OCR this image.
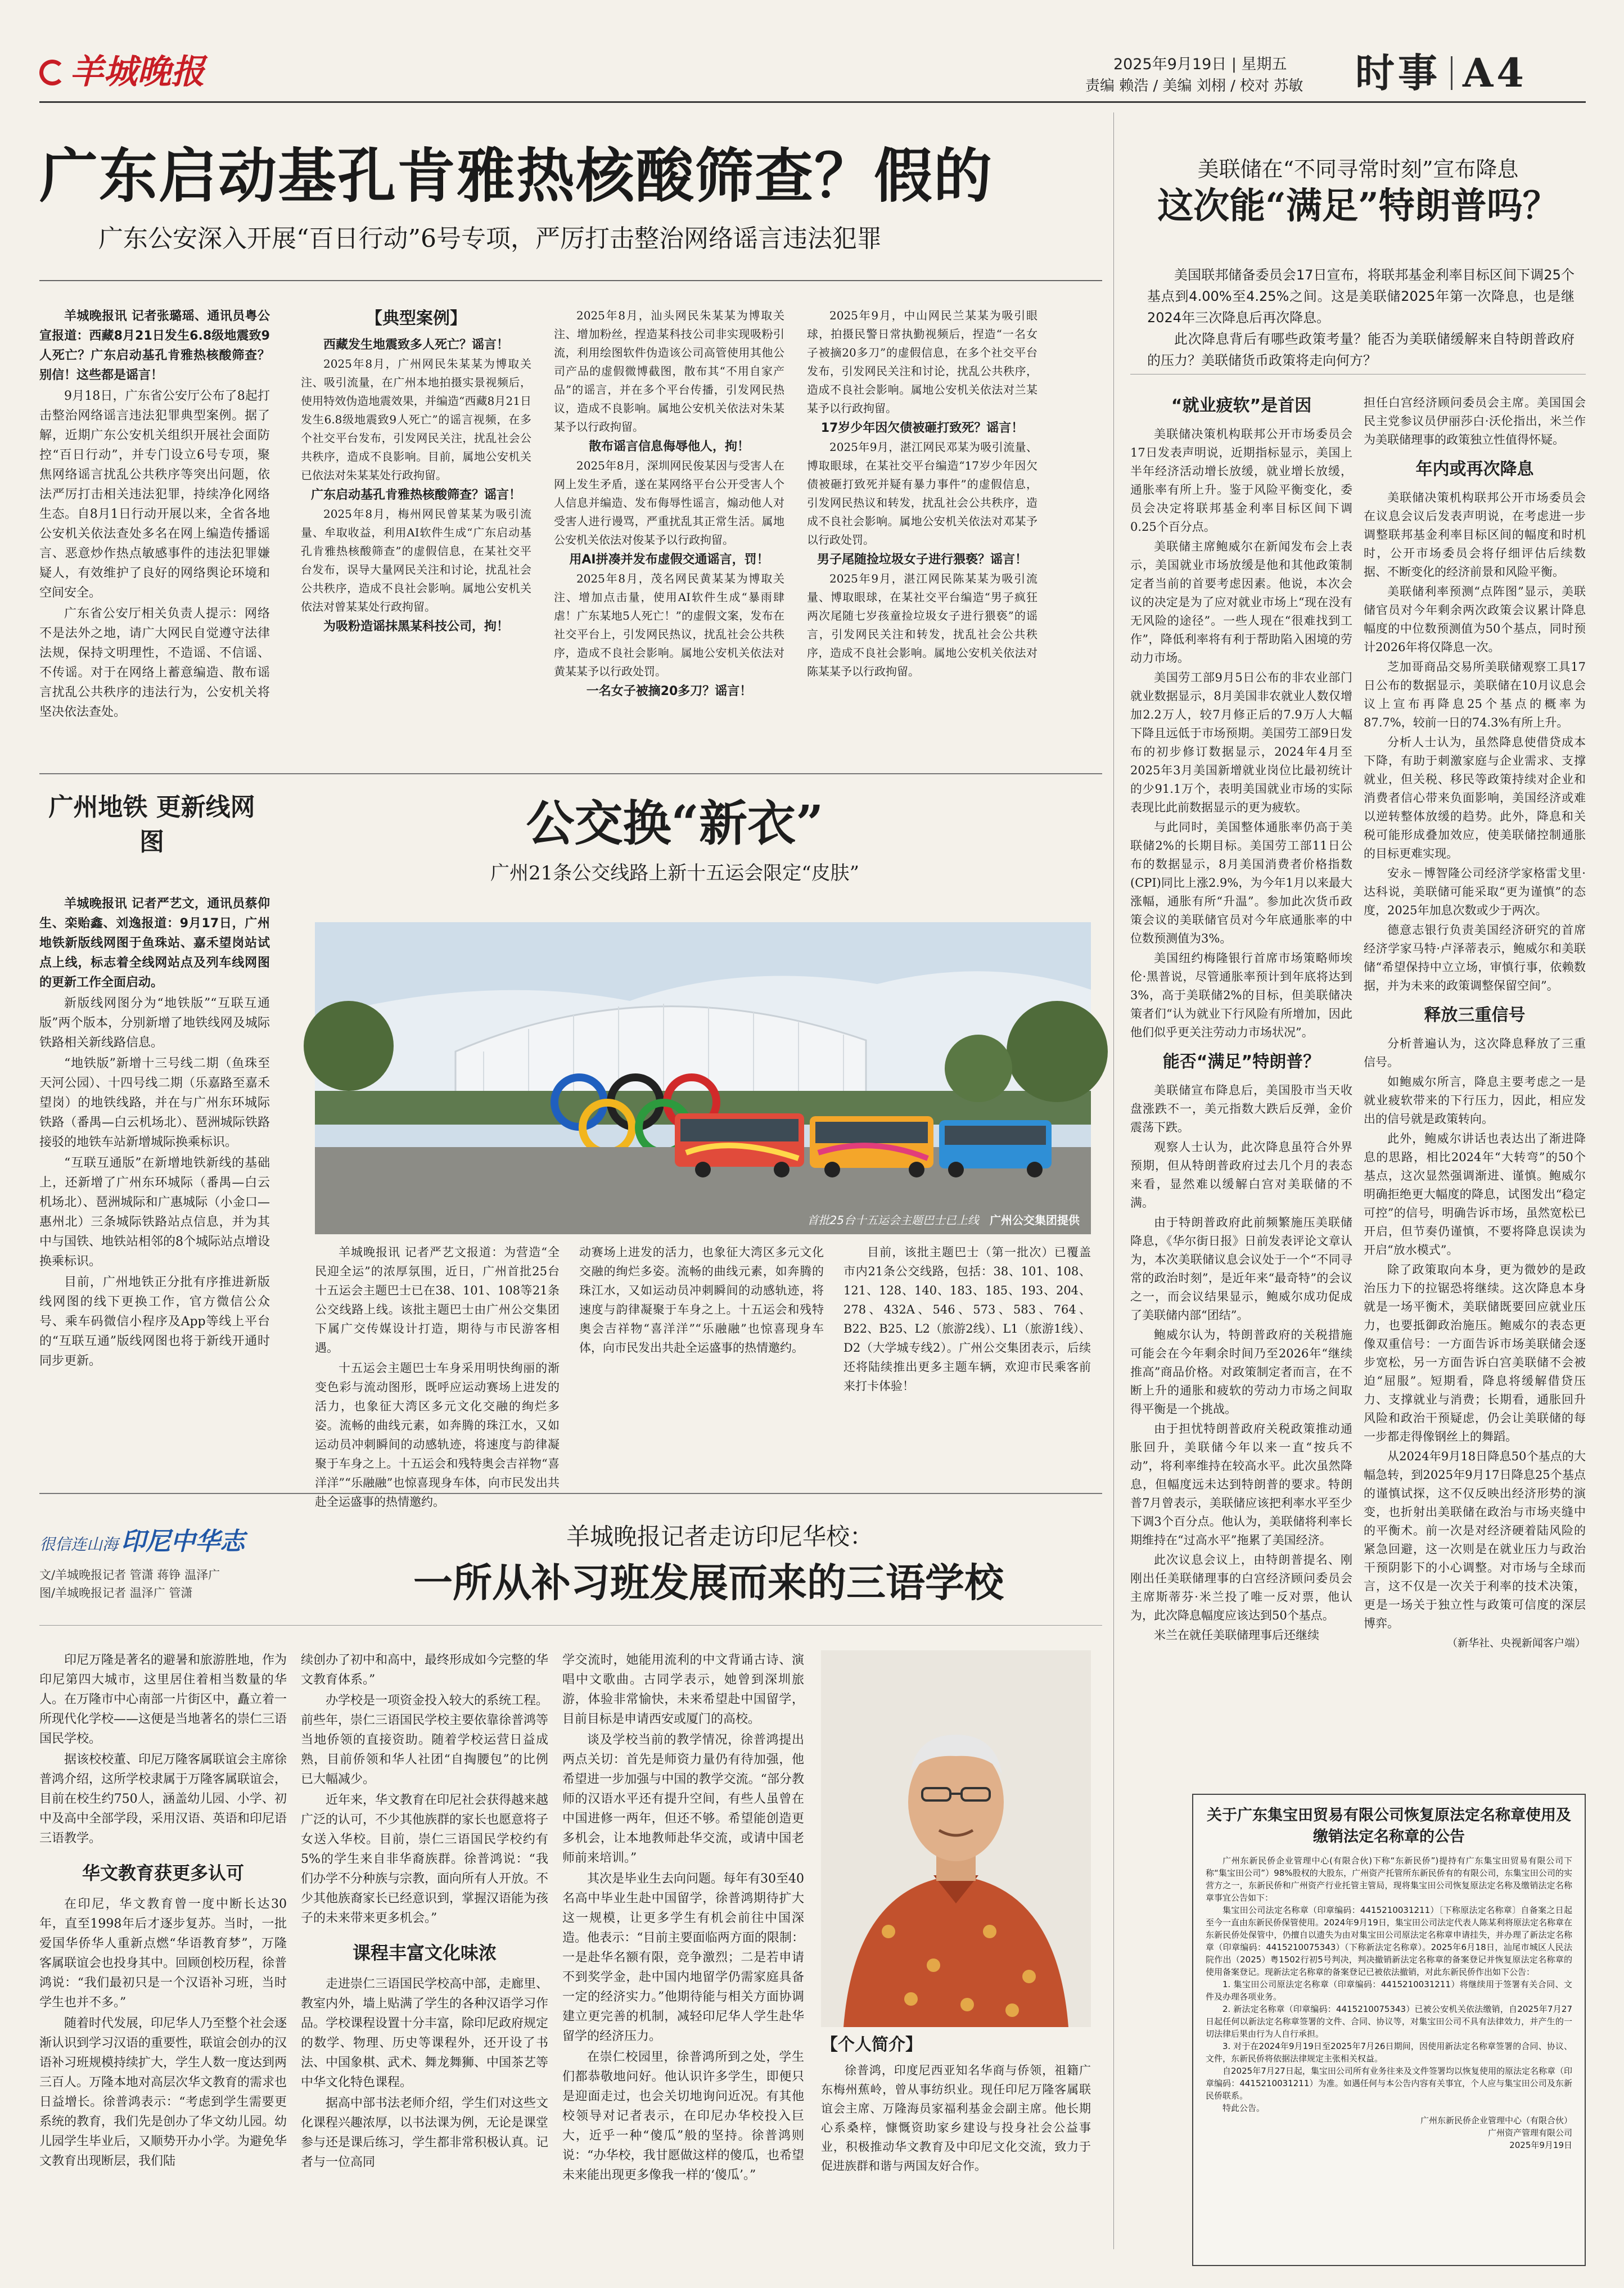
羊城晚报	2025年9月19日 | 星期五
责编 赖浩 / 美编 刘栩 / 校对 苏敏 时事 A4
广东启动基孔肯雅热核酸筛查？假的
广东公安深入开展“百日行动”6号专项，严厉打击整治网络谣言违法犯罪

羊城晚报讯 记者张璐瑶、通讯员粤公宣报道：西藏8月21日发生6.8级地震致9人死亡？广东启动基孔肯雅热核酸筛查？别信！这些都是谣言！

9月18日，广东省公安厅公布了8起打击整治网络谣言违法犯罪典型案例。据了解，近期广东公安机关组织开展社会面防控“百日行动”，并专门设立6号专项，聚焦网络谣言扰乱公共秩序等突出问题，依法严厉打击相关违法犯罪，持续净化网络生态。自8月1日行动开展以来，全省各地公安机关依法查处多名在网上编造传播谣言、恶意炒作热点敏感事件的违法犯罪嫌疑人，有效维护了良好的网络舆论环境和空间安全。

广东省公安厅相关负责人提示：网络不是法外之地，请广大网民自觉遵守法律法规，保持文明理性，不造谣、不信谣、不传谣。对于在网络上蓄意编造、散布谣言扰乱公共秩序的违法行为，公安机关将坚决依法查处。

【典型案例】
西藏发生地震致多人死亡？谣言！

2025年8月，广州网民朱某某为博取关注、吸引流量，在广州本地拍摄实景视频后，使用特效伪造地震效果，并编造“西藏8月21日发生6.8级地震致9人死亡”的谣言视频，在多个社交平台发布，引发网民关注，扰乱社会公共秩序，造成不良影响。目前，属地公安机关已依法对朱某某处行政拘留。

广东启动基孔肯雅热核酸筛查？谣言！

2025年8月，梅州网民曾某某为吸引流量、牟取收益，利用AI软件生成“广东启动基孔肯雅热核酸筛查”的虚假信息，在某社交平台发布，误导大量网民关注和讨论，扰乱社会公共秩序，造成不良社会影响。属地公安机关依法对曾某某处行政拘留。

为吸粉造谣抹黑某科技公司，拘！

2025年8月，汕头网民朱某某为博取关注、增加粉丝，捏造某科技公司非实现吸粉引流，利用绘图软件伪造该公司高管使用其他公司产品的虚假微博截图，散布其“不用自家产品”的谣言，并在多个平台传播，引发网民热议，造成不良影响。属地公安机关依法对朱某某予以行政拘留。

散布谣言信息侮辱他人，拘！

2025年8月，深圳网民俊某因与受害人在网上发生矛盾，遂在某网络平台公开受害人个人信息并编造、发布侮辱性谣言，煽动他人对受害人进行谩骂，严重扰乱其正常生活。属地公安机关依法对俊某予以行政拘留。

用AI拼凑并发布虚假交通谣言，罚！

2025年8月，茂名网民黄某某为博取关注、增加点击量，使用AI软件生成“暴雨肆虐！广东某地5人死亡！”的虚假文案，发布在社交平台上，引发网民热议，扰乱社会公共秩序，造成不良社会影响。属地公安机关依法对黄某某予以行政处罚。

一名女子被摘20多刀？谣言！

2025年9月，中山网民兰某某为吸引眼球，拍摄民警日常执勤视频后，捏造“一名女子被摘20多刀”的虚假信息，在多个社交平台发布，引发网民关注和讨论，扰乱公共秩序，造成不良社会影响。属地公安机关依法对兰某某予以行政拘留。

17岁少年因欠债被砸打致死？谣言！

2025年9月，湛江网民邓某为吸引流量、博取眼球，在某社交平台编造“17岁少年因欠债被砸打致死并疑有暴力事件”的虚假信息，引发网民热议和转发，扰乱社会公共秩序，造成不良社会影响。属地公安机关依法对邓某予以行政处罚。

男子尾随捡垃圾女子进行猥亵？谣言！

2025年9月，湛江网民陈某某为吸引流量、博取眼球，在某社交平台编造“男子疯狂两次尾随七岁孩童捡垃圾女子进行猥亵”的谣言，引发网民关注和转发，扰乱社会公共秩序，造成不良社会影响。属地公安机关依法对陈某某予以行政拘留。

广州地铁 更新线网图

羊城晚报讯 记者严艺文，通讯员蔡仰生、栾贻鑫、刘逸报道：9月17日，广州地铁新版线网图于鱼珠站、嘉禾望岗站试点上线，标志着全线网站点及列车线网图的更新工作全面启动。

新版线网图分为“地铁版”“互联互通版”两个版本，分别新增了地铁线网及城际铁路相关新线路信息。

“地铁版”新增十三号线二期（鱼珠至天河公园）、十四号线二期（乐嘉路至嘉禾望岗）的地铁线路，并在与广州东环城际铁路（番禺—白云机场北）、琶洲城际铁路接驳的地铁车站新增城际换乘标识。

“互联互通版”在新增地铁新线的基础上，还新增了广州东环城际（番禺—白云机场北）、琶洲城际和广惠城际（小金口—惠州北）三条城际铁路站点信息，并为其中与国铁、地铁站相邻的8个城际站点增设换乘标识。

目前，广州地铁正分批有序推进新版线网图的线下更换工作，官方微信公众号、乘车码微信小程序及App等线上平台的“互联互通”版线网图也将于新线开通时同步更新。

公交换“新衣”
广州21条公交线路上新十五运会限定“皮肤”
首批25台十五运会主题巴士已上线 广州公交集团提供

羊城晚报讯 记者严艺文报道：为营造“全民迎全运”的浓厚氛围，近日，广州首批25台十五运会主题巴士已在38、101、108等21条公交线路上线。该批主题巴士由广州公交集团下属广交传媒设计打造，期待与市民游客相遇。

十五运会主题巴士车身采用明快绚丽的渐变色彩与流动图形，既呼应运动赛场上进发的活力，也象征大湾区多元文化交融的绚烂多姿。流畅的曲线元素，如奔腾的珠江水，又如运动员冲刺瞬间的动感轨迹，将速度与韵律凝聚于车身之上。十五运会和残特奥会吉祥物“喜洋洋”“乐融融”也惊喜现身车体，向市民发出共赴全运盛事的热情邀约。

动赛场上进发的活力，也象征大湾区多元文化交融的绚烂多姿。流畅的曲线元素，如奔腾的珠江水，又如运动员冲刺瞬间的动感轨迹，将速度与韵律凝聚于车身之上。十五运会和残特奥会吉祥物“喜洋洋”“乐融融”也惊喜现身车体，向市民发出共赴全运盛事的热情邀约。

目前，该批主题巴士（第一批次）已覆盖市内21条公交线路，包括：38、101、108、121、128、140、183、185、193、204、278、432A、546、573、583、764、B22、B25、L2（旅游2线）、L1（旅游1线）、D2（大学城专线2）。广州公交集团表示，后续还将陆续推出更多主题车辆，欢迎市民乘客前来打卡体验！

很信连山海 印尼中华志
文/羊城晚报记者 管潇 蒋铮 温泽广
图/羊城晚报记者 温泽广 管潇
羊城晚报记者走访印尼华校：
一所从补习班发展而来的三语学校

印尼万隆是著名的避暑和旅游胜地，作为印尼第四大城市，这里居住着相当数量的华人。在万隆市中心南部一片街区中，矗立着一所现代化学校——这便是当地著名的崇仁三语国民学校。

据该校校董、印尼万隆客属联谊会主席徐普鸿介绍，这所学校隶属于万隆客属联谊会，目前在校生约750人，涵盖幼儿园、小学、初中及高中全部学段，采用汉语、英语和印尼语三语教学。

华文教育获更多认可

在印尼，华文教育曾一度中断长达30年，直至1998年后才逐步复苏。当时，一批爱国华侨华人重新点燃“华语教育梦”，万隆客属联谊会也投身其中。回顾创校历程，徐普鸿说：“我们最初只是一个汉语补习班，当时学生也并不多。”

随着时代发展，印尼华人乃至整个社会逐渐认识到学习汉语的重要性，联谊会创办的汉语补习班规模持续扩大，学生人数一度达到两三百人。万隆本地对高层次华文教育的需求也日益增长。徐普鸿表示：“考虑到学生需要更系统的教育，我们先是创办了华文幼儿园。幼儿园学生毕业后，又顺势开办小学。为避免华文教育出现断层，我们陆

续创办了初中和高中，最终形成如今完整的华文教育体系。”

办学校是一项资金投入较大的系统工程。前些年，崇仁三语国民学校主要依靠徐普鸿等当地侨领的直接资助。随着学校运营日益成熟，目前侨领和华人社团“自掏腰包”的比例已大幅减少。

近年来，华文教育在印尼社会获得越来越广泛的认可，不少其他族群的家长也愿意将子女送入华校。目前，崇仁三语国民学校约有5%的学生来自非华裔族群。徐普鸿说：“我们办学不分种族与宗教，面向所有人开放。不少其他族裔家长已经意识到，掌握汉语能为孩子的未来带来更多机会。”

课程丰富文化味浓

走进崇仁三语国民学校高中部，走廊里、教室内外，墙上贴满了学生的各种汉语学习作品。学校课程设置十分丰富，除印尼政府规定的数学、物理、历史等课程外，还开设了书法、中国象棋、武术、舞龙舞狮、中国茶艺等中华文化特色课程。

据高中部书法老师介绍，学生们对这些文化课程兴趣浓厚，以书法课为例，无论是课堂参与还是课后练习，学生都非常积极认真。记者与一位高同

学交流时，她能用流利的中文背诵古诗、演唱中文歌曲。古同学表示，她曾到深圳旅游，体验非常愉快，未来希望赴中国留学，目前目标是申请西安或厦门的高校。

谈及学校当前的教学情况，徐普鸿提出两点关切：首先是师资力量仍有待加强，他希望进一步加强与中国的教学交流。“部分教师的汉语水平还有提升空间，有些人虽曾在中国进修一两年，但还不够。希望能创造更多机会，让本地教师赴华交流，或请中国老师前来培训。”

其次是毕业生去向问题。每年有30至40名高中毕业生赴中国留学，徐普鸿期待扩大这一规模，让更多学生有机会前往中国深造。他表示：“目前主要面临两方面的限制：一是赴华名额有限，竞争激烈；二是若申请不到奖学金，赴中国内地留学仍需家庭具备一定的经济实力。”他期待能与相关方面协调建立更完善的机制，减轻印尼华人学生赴华留学的经济压力。

在崇仁校园里，徐普鸿所到之处，学生们都恭敬地问好。他认识许多学生，即便只是迎面走过，也会关切地询问近况。有其他校领导对记者表示，在印尼办华校投入巨大，近乎一种“傻瓜”般的坚持。徐普鸿则说：“办华校，我甘愿做这样的傻瓜，也希望未来能出现更多像我一样的‘傻瓜’。”

【个人简介】
徐普鸿，印度尼西亚知名华商与侨领，祖籍广东梅州蕉岭，曾从事纺织业。现任印尼万隆客属联谊会主席、万隆海员家福利基金会副主席。他长期心系桑梓，慷慨资助家乡建设与投身社会公益事业，积极推动华文教育及中印尼文化交流，致力于促进族群和谐与两国友好合作。
美联储在“不同寻常时刻”宣布降息
这次能“满足”特朗普吗？

美国联邦储备委员会17日宣布，将联邦基金利率目标区间下调25个基点到4.00%至4.25%之间。这是美联储2025年第一次降息，也是继2024年三次降息后再次降息。

此次降息背后有哪些政策考量？能否为美联储缓解来自特朗普政府的压力？美联储货币政策将走向何方？

“就业疲软”是首因

美联储决策机构联邦公开市场委员会17日发表声明说，近期指标显示，美国上半年经济活动增长放缓，就业增长放缓，通胀率有所上升。鉴于风险平衡变化，委员会决定将联邦基金利率目标区间下调0.25个百分点。

美联储主席鲍威尔在新闻发布会上表示，美国就业市场放缓是他和其他政策制定者当前的首要考虑因素。他说，本次会议的决定是为了应对就业市场上“现在没有无风险的途径”。一些人现在“很难找到工作”，降低利率将有利于帮助陷入困境的劳动力市场。

美国劳工部9月5日公布的非农业部门就业数据显示，8月美国非农就业人数仅增加2.2万人，较7月修正后的7.9万人大幅下降且远低于市场预期。美国劳工部9日发布的初步修订数据显示，2024年4月至2025年3月美国新增就业岗位比最初统计的少91.1万个，表明美国就业市场的实际表现比此前数据显示的更为疲软。

与此同时，美国整体通胀率仍高于美联储2%的长期目标。美国劳工部11日公布的数据显示，8月美国消费者价格指数(CPI)同比上涨2.9%，为今年1月以来最大涨幅，通胀有所“升温”。参加此次货币政策会议的美联储官员对今年底通胀率的中位数预测值为3%。

美国纽约梅隆银行首席市场策略师埃伦·黑普说，尽管通胀率预计到年底将达到3%，高于美联储2%的目标，但美联储决策者们“认为就业下行风险有所增加，因此他们似乎更关注劳动力市场状况”。

能否“满足”特朗普？

美联储宣布降息后，美国股市当天收盘涨跌不一，美元指数大跌后反弹，金价震荡下跌。

观察人士认为，此次降息虽符合外界预期，但从特朗普政府过去几个月的表态来看，显然难以缓解白宫对美联储的不满。

由于特朗普政府此前频繁施压美联储降息，《华尔街日报》日前发表评论文章认为，本次美联储议息会议处于一个“不同寻常的政治时刻”，是近年来“最奇特”的会议之一，而会议结果显示，鲍威尔成功促成了美联储内部“团结”。

鲍威尔认为，特朗普政府的关税措施可能会在今年剩余时间乃至2026年“继续推高”商品价格。对政策制定者而言，在不断上升的通胀和疲软的劳动力市场之间取得平衡是一个挑战。

由于担忧特朗普政府关税政策推动通胀回升，美联储今年以来一直“按兵不动”，将利率维持在较高水平。此次虽然降息，但幅度远未达到特朗普的要求。特朗普7月曾表示，美联储应该把利率水平至少下调3个百分点。他认为，美联储将利率长期维持在“过高水平”拖累了美国经济。

此次议息会议上，由特朗普提名、刚刚出任美联储理事的白宫经济顾问委员会主席斯蒂芬·米兰投了唯一反对票，他认为，此次降息幅度应该达到50个基点。

米兰在就任美联储理事后还继续

担任白宫经济顾问委员会主席。美国国会民主党参议员伊丽莎白·沃伦指出，米兰作为美联储理事的政策独立性值得怀疑。

年内或再次降息

美联储决策机构联邦公开市场委员会在议息会议后发表声明说，在考虑进一步调整联邦基金利率目标区间的幅度和时机时，公开市场委员会将仔细评估后续数据、不断变化的经济前景和风险平衡。

美联储利率预测“点阵图”显示，美联储官员对今年剩余两次政策会议累计降息幅度的中位数预测值为50个基点，同时预计2026年将仅降息一次。

芝加哥商品交易所美联储观察工具17日公布的数据显示，美联储在10月议息会议上宣布再降息25个基点的概率为87.7%，较前一日的74.3%有所上升。

分析人士认为，虽然降息使借贷成本下降，有助于刺激家庭与企业需求、支撑就业，但关税、移民等政策持续对企业和消费者信心带来负面影响，美国经济或难以逆转整体放缓的趋势。此外，降息和关税可能形成叠加效应，使美联储控制通胀的目标更难实现。

安永－博智隆公司经济学家格雷戈里·达科说，美联储可能采取“更为谨慎”的态度，2025年加息次数或少于两次。

德意志银行负责美国经济研究的首席经济学家马特·卢泽蒂表示，鲍威尔和美联储“希望保持中立立场，审慎行事，依赖数据，并为未来的政策调整保留空间”。

释放三重信号

分析普遍认为，这次降息释放了三重信号。

如鲍威尔所言，降息主要考虑之一是就业疲软带来的下行压力，因此，相应发出的信号就是政策转向。

此外，鲍威尔讲话也表达出了渐进降息的思路，相比2024年“大转弯”的50个基点，这次显然强调渐进、谨慎。鲍威尔明确拒绝更大幅度的降息，试图发出“稳定可控”的信号，明确告诉市场，虽然宽松已开启，但节奏仍谨慎，不要将降息误读为开启“放水模式”。

除了政策取向本身，更为微妙的是政治压力下的拉锯恐将继续。这次降息本身就是一场平衡术，美联储既要回应就业压力，也要抵御政治施压。鲍威尔的表态更像双重信号：一方面告诉市场美联储会逐步宽松，另一方面告诉白宫美联储不会被迫“屈服”。短期看，降息将缓解借贷压力、支撑就业与消费；长期看，通胀回升风险和政治干预疑虑，仍会让美联储的每一步都走得像钢丝上的舞蹈。

从2024年9月18日降息50个基点的大幅急转，到2025年9月17日降息25个基点的谨慎试探，这不仅反映出经济形势的演变，也折射出美联储在政治与市场夹缝中的平衡术。前一次是对经济硬着陆风险的紧急回避，这一次则是在就业压力与政治干预阴影下的小心调整。对市场与全球而言，这不仅是一次关于利率的技术决策，更是一场关于独立性与政策可信度的深层博弈。

（新华社、央视新闻客户端）

关于广东集宝田贸易有限公司恢复原法定名称章使用及缴销法定名称章的公告

广州东新民侨企业管理中心(有限合伙)下称“东新民侨”)提持有广东集宝田贸易有限公司下称“集宝田公司”）98%股权的大股东，广州资产托管所东新民侨有的有限公司，东集宝田公司的实营方之一，东新民侨和广州资产行业托管主管局，现将集宝田公司恢复原法定名称及缴销法定名称章事宜公告如下：

集宝田公司法定名称章（印章编码：4415210031211）〔下称原法定名称章〕自备案之日起至今一直由东新民侨保管使用。2024年9月19日，集宝田公司法定代表人陈某利将原法定名称章在东新民侨处保管中，仍擅自以遗失为由对集宝田公司原法定名称章申请挂失，并办理了新法定名称章（印章编码：4415210075343）（下称新法定名称章）。2025年6月18日，汕尾市城区人民法院作出（2025）粤1502行初5号判决，判决撤销新法定名称章的备案登记并恢复原法定名称章的使用备案登记。现新法定名称章的备案登记已被依法撤销，对此东新民侨作出如下公告：

1. 集宝田公司原法定名称章（印章编码：4415210031211）将继续用于签署有关合同、文件及办理各项业务。

2. 新法定名称章（印章编码：4415210075343）已被公安机关依法缴销，自2025年7月27日起任何以新法定名称章签署的文件、合同、协议等，对集宝田公司不具有法律效力，并产生的一切法律后果由行为人自行承担。

3. 对于在2024年9月19日至2025年7月26日期间，因使用新法定名称章签署的合同、协议、文件，东新民侨将依据法律规定主张相关权益。

自2025年7月27日起，集宝田公司所有业务往来及文件签署均以恢复使用的原法定名称章（印章编码：4415210031211）为准。如遇任何与本公告内容有关事宜，个人应与集宝田公司及东新民侨联系。

特此公告。

广州东新民侨企业管理中心（有限合伙）

广州资产管理有限公司

2025年9月19日
